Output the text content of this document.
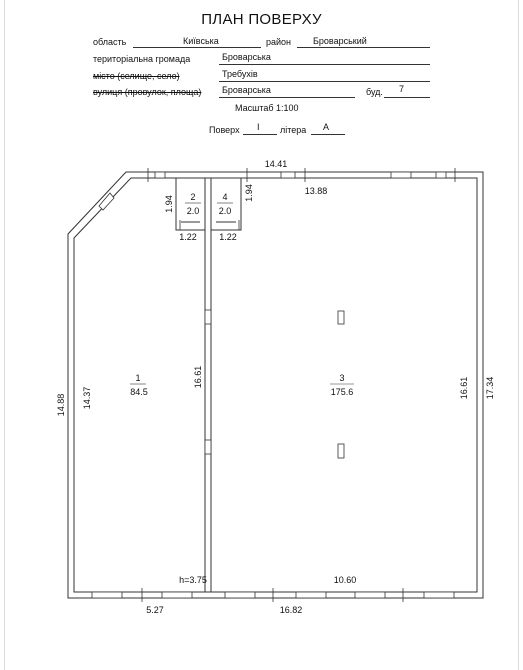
ПЛАН ПОВЕРХУ
область	Київська	район Броварський
територіальна громада	Броварська
місто (селище, село)	Требухів
вулиця (провулок, площа) Броварська	буд. 7
Масштаб 1:100
Поверх I літера А
1
84.5
2
2.0
3
175.6
4
2.0
14.41
13.88
5.27
h=3.75	10.60
16.82
1.22 1.22
1.94
1.94
14.88 14.37
16.61	16.61 17.34
